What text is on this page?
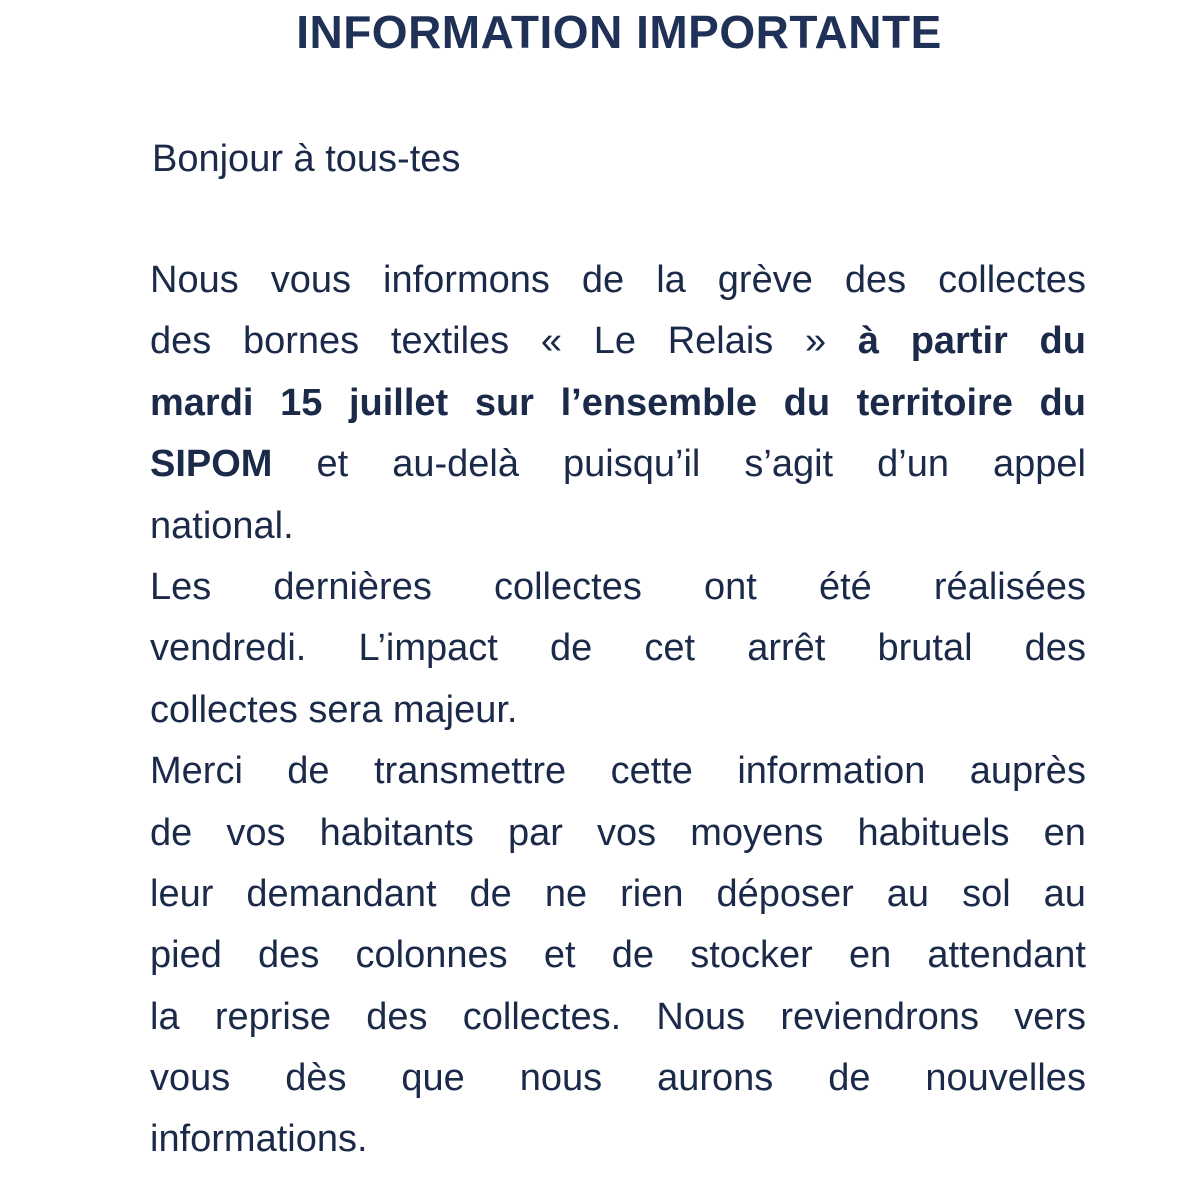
INFORMATION IMPORTANTE
Bonjour à tous-tes
Nous vous informons de la grève des collectes
des bornes textiles « Le Relais » à partir du
mardi 15 juillet sur l’ensemble du territoire du
SIPOM et au-delà puisqu’il s’agit d’un appel
national.
Les dernières collectes ont été réalisées
vendredi. L’impact de cet arrêt brutal des
collectes sera majeur.
Merci de transmettre cette information auprès
de vos habitants par vos moyens habituels en
leur demandant de ne rien déposer au sol au
pied des colonnes et de stocker en attendant
la reprise des collectes. Nous reviendrons vers
vous dès que nous aurons de nouvelles
informations.
